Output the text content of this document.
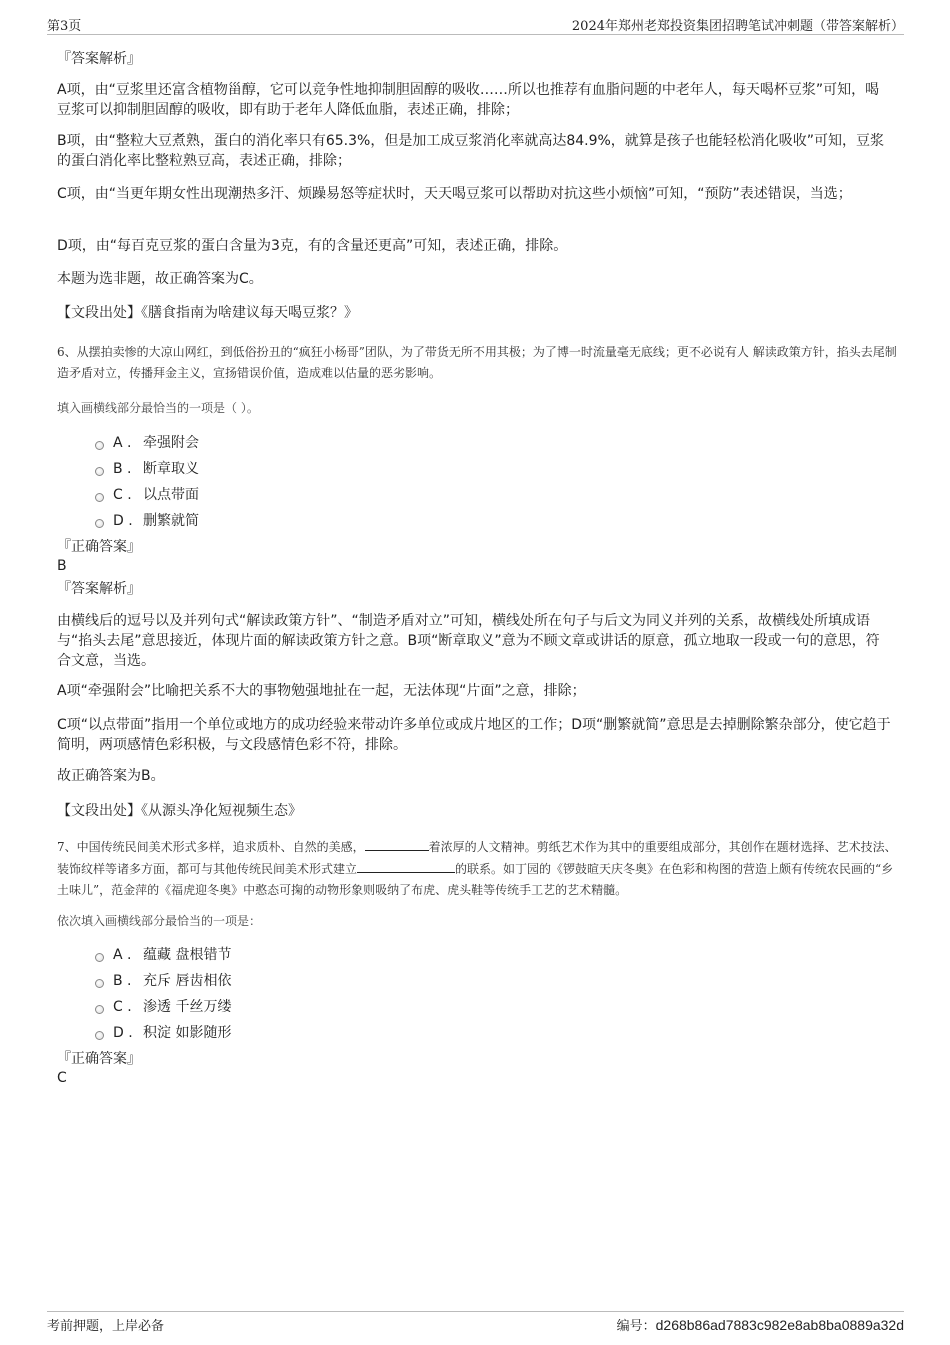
第3页	2024年郑州老郑投资集团招聘笔试冲刺题（带答案解析）
『答案解析』

A项，由“豆浆里还富含植物甾醇，它可以竞争性地抑制胆固醇的吸收……所以也推荐有血脂问题的中老年人，每天喝杯豆浆”可知，喝豆浆可以抑制胆固醇的吸收，即有助于老年人降低血脂，表述正确，排除；

B项，由“整粒大豆煮熟，蛋白的消化率只有65.3%，但是加工成豆浆消化率就高达84.9%，就算是孩子也能轻松消化吸收”可知，豆浆的蛋白消化率比整粒熟豆高，表述正确，排除；

C项，由“当更年期女性出现潮热多汗、烦躁易怒等症状时，天天喝豆浆可以帮助对抗这些小烦恼”可知，“预防”表述错误，当选；

D项，由“每百克豆浆的蛋白含量为3克，有的含量还更高”可知，表述正确，排除。

本题为选非题，故正确答案为C。

【文段出处】《膳食指南为啥建议每天喝豆浆？》

6、从摆拍卖惨的大凉山网红，到低俗扮丑的“疯狂小杨哥”团队，为了带货无所不用其极；为了博一时流量毫无底线；更不必说有人 解读政策方针，掐头去尾制造矛盾对立，传播拜金主义，宣扬错误价值，造成难以估量的恶劣影响。

填入画横线部分最恰当的一项是（ ）。

A . 牵强附会
B . 断章取义
C . 以点带面
D . 删繁就简
『正确答案』
B
『答案解析』

由横线后的逗号以及并列句式“解读政策方针”、“制造矛盾对立”可知，横线处所在句子与后文为同义并列的关系，故横线处所填成语与“掐头去尾”意思接近，体现片面的解读政策方针之意。B项“断章取义”意为不顾文章或讲话的原意，孤立地取一段或一句的意思，符合文意，当选。

A项“牵强附会”比喻把关系不大的事物勉强地扯在一起，无法体现“片面”之意，排除；

C项“以点带面”指用一个单位或地方的成功经验来带动许多单位或成片地区的工作；D项“删繁就简”意思是去掉删除繁杂部分，使它趋于简明，两项感情色彩积极，与文段感情色彩不符，排除。

故正确答案为B。

【文段出处】《从源头净化短视频生态》

7、中国传统民间美术形式多样，追求质朴、自然的美感，	着浓厚的人文精神。剪纸艺术作为其中的重要组成部分，其创作在题材选择、艺术技法、装饰纹样等诸多方面，都可与其他传统民间美术形式建立	的联系。如丁园的《锣鼓暄天庆冬奥》在色彩和构图的营造上颇有传统农民画的“乡土味儿”，范金萍的《福虎迎冬奥》中憨态可掬的动物形象则吸纳了布虎、虎头鞋等传统手工艺的艺术精髓。

依次填入画横线部分最恰当的一项是：

A . 蕴藏 盘根错节
B . 充斥 唇齿相依
C . 渗透 千丝万缕
D . 积淀 如影随形
『正确答案』
C
考前押题，上岸必备	编号：d268b86ad7883c982e8ab8ba0889a32d
